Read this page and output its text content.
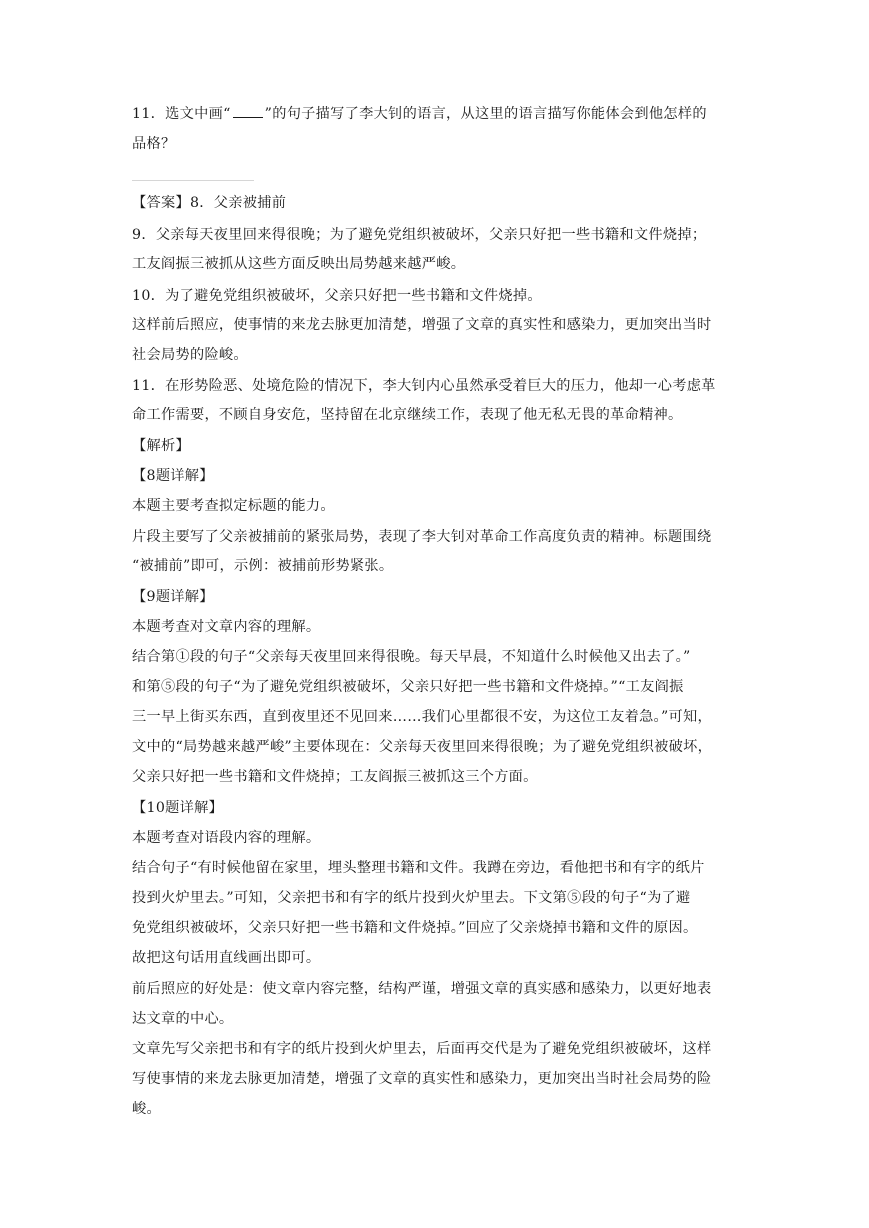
11．选文中画“ ”的句子描写了李大钊的语言，从这里的语言描写你能体会到他怎样的
品格？
【答案】8．父亲被捕前
9．父亲每天夜里回来得很晚；为了避免党组织被破坏，父亲只好把一些书籍和文件烧掉；
工友阎振三被抓从这些方面反映出局势越来越严峻。
10．为了避免党组织被破坏，父亲只好把一些书籍和文件烧掉。
这样前后照应，使事情的来龙去脉更加清楚，增强了文章的真实性和感染力，更加突出当时
社会局势的险峻。
11．在形势险恶、处境危险的情况下，李大钊内心虽然承受着巨大的压力，他却一心考虑革
命工作需要，不顾自身安危，坚持留在北京继续工作，表现了他无私无畏的革命精神。
【解析】
【8题详解】
本题主要考查拟定标题的能力。
片段主要写了父亲被捕前的紧张局势，表现了李大钊对革命工作高度负责的精神。标题围绕
“被捕前”即可，示例：被捕前形势紧张。
【9题详解】
本题考查对文章内容的理解。
结合第①段的句子“父亲每天夜里回来得很晚。每天早晨，不知道什么时候他又出去了。”
和第⑤段的句子“为了避免党组织被破坏，父亲只好把一些书籍和文件烧掉。”“工友阎振
三一早上街买东西，直到夜里还不见回来……我们心里都很不安，为这位工友着急。”可知，
文中的“局势越来越严峻”主要体现在：父亲每天夜里回来得很晚；为了避免党组织被破坏，
父亲只好把一些书籍和文件烧掉；工友阎振三被抓这三个方面。
【10题详解】
本题考查对语段内容的理解。
结合句子“有时候他留在家里，埋头整理书籍和文件。我蹲在旁边，看他把书和有字的纸片
投到火炉里去。”可知，父亲把书和有字的纸片投到火炉里去。下文第⑤段的句子“为了避
免党组织被破坏，父亲只好把一些书籍和文件烧掉。”回应了父亲烧掉书籍和文件的原因。
故把这句话用直线画出即可。
前后照应的好处是：使文章内容完整，结构严谨，增强文章的真实感和感染力，以更好地表
达文章的中心。
文章先写父亲把书和有字的纸片投到火炉里去，后面再交代是为了避免党组织被破坏，这样
写使事情的来龙去脉更加清楚，增强了文章的真实性和感染力，更加突出当时社会局势的险
峻。
